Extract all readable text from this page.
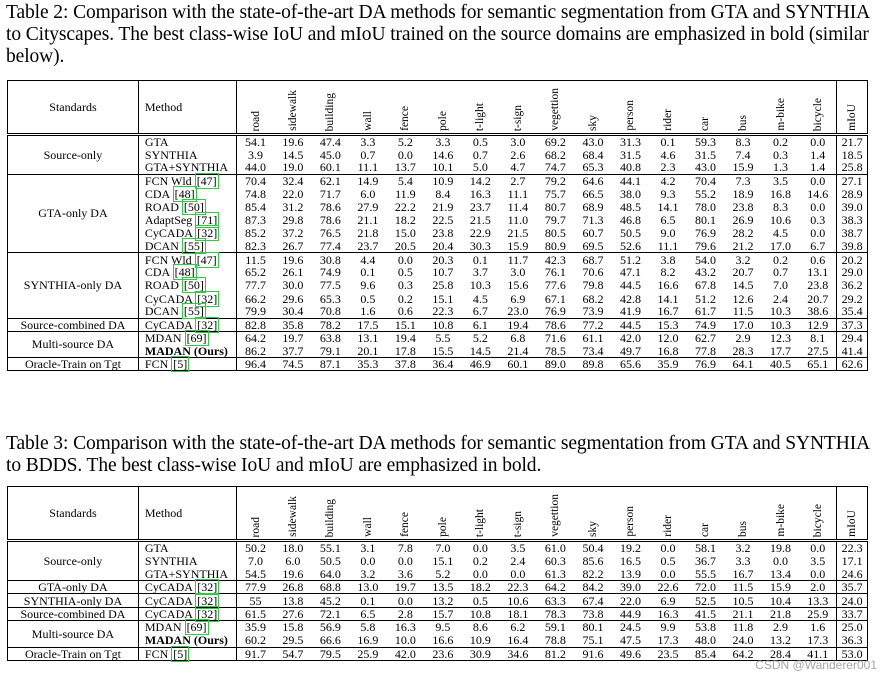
Table 2: Comparison with the state-of-the-art DA methods for semantic segmentation from GTA and SYNTHIA to Cityscapes. The best class-wise IoU and mIoU trained on the source domains are emphasized in bold (similar below).
Standards	Method	road	sidewalk	building	wall	fence	pole	t-light	t-sign	vegettion	sky	person	rider	car	bus	m-bike	bicycle	mIoU
Source-only	GTA	54.1	19.6	47.4	3.3	5.2	3.3	0.5	3.0	69.2	43.0	31.3	0.1	59.3	8.3	0.2	0.0	21.7
	SYNTHIA	3.9	14.5	45.0	0.7	0.0	14.6	0.7	2.6	68.2	68.4	31.5	4.6	31.5	7.4	0.3	1.4	18.5
	GTA+SYNTHIA	44.0	19.0	60.1	11.1	13.7	10.1	5.0	4.7	74.7	65.3	40.8	2.3	43.0	15.9	1.3	1.4	25.8
GTA-only DA	FCN Wld [47]	70.4	32.4	62.1	14.9	5.4	10.9	14.2	2.7	79.2	64.6	44.1	4.2	70.4	7.3	3.5	0.0	27.1
	CDA [48]	74.8	22.0	71.7	6.0	11.9	8.4	16.3	11.1	75.7	66.5	38.0	9.3	55.2	18.9	16.8	14.6	28.9
	ROAD [50]	85.4	31.2	78.6	27.9	22.2	21.9	23.7	11.4	80.7	68.9	48.5	14.1	78.0	23.8	8.3	0.0	39.0
	AdaptSeg [71]	87.3	29.8	78.6	21.1	18.2	22.5	21.5	11.0	79.7	71.3	46.8	6.5	80.1	26.9	10.6	0.3	38.3
	CyCADA [32]	85.2	37.2	76.5	21.8	15.0	23.8	22.9	21.5	80.5	60.7	50.5	9.0	76.9	28.2	4.5	0.0	38.7
	DCAN [55]	82.3	26.7	77.4	23.7	20.5	20.4	30.3	15.9	80.9	69.5	52.6	11.1	79.6	21.2	17.0	6.7	39.8
SYNTHIA-only DA	FCN Wld [47]	11.5	19.6	30.8	4.4	0.0	20.3	0.1	11.7	42.3	68.7	51.2	3.8	54.0	3.2	0.2	0.6	20.2
	CDA [48]	65.2	26.1	74.9	0.1	0.5	10.7	3.7	3.0	76.1	70.6	47.1	8.2	43.2	20.7	0.7	13.1	29.0
	ROAD [50]	77.7	30.0	77.5	9.6	0.3	25.8	10.3	15.6	77.6	79.8	44.5	16.6	67.8	14.5	7.0	23.8	36.2
	CyCADA [32]	66.2	29.6	65.3	0.5	0.2	15.1	4.5	6.9	67.1	68.2	42.8	14.1	51.2	12.6	2.4	20.7	29.2
	DCAN [55]	79.9	30.4	70.8	1.6	0.6	22.3	6.7	23.0	76.9	73.9	41.9	16.7	61.7	11.5	10.3	38.6	35.4
Source-combined DA	CyCADA [32]	82.8	35.8	78.2	17.5	15.1	10.8	6.1	19.4	78.6	77.2	44.5	15.3	74.9	17.0	10.3	12.9	37.3
Multi-source DA	MDAN [69]	64.2	19.7	63.8	13.1	19.4	5.5	5.2	6.8	71.6	61.1	42.0	12.0	62.7	2.9	12.3	8.1	29.4
	MADAN (Ours)	86.2	37.7	79.1	20.1	17.8	15.5	14.5	21.4	78.5	73.4	49.7	16.8	77.8	28.3	17.7	27.5	41.4
Oracle-Train on Tgt	FCN [5]	96.4	74.5	87.1	35.3	37.8	36.4	46.9	60.1	89.0	89.8	65.6	35.9	76.9	64.1	40.5	65.1	62.6
Table 3: Comparison with the state-of-the-art DA methods for semantic segmentation from GTA and SYNTHIA to BDDS. The best class-wise IoU and mIoU are emphasized in bold.
Standards	Method	road	sidewalk	building	wall	fence	pole	t-light	t-sign	vegettion	sky	person	rider	car	bus	m-bike	bicycle	mIoU
Source-only	GTA	50.2	18.0	55.1	3.1	7.8	7.0	0.0	3.5	61.0	50.4	19.2	0.0	58.1	3.2	19.8	0.0	22.3
	SYNTHIA	7.0	6.0	50.5	0.0	0.0	15.1	0.2	2.4	60.3	85.6	16.5	0.5	36.7	3.3	0.0	3.5	17.1
	GTA+SYNTHIA	54.5	19.6	64.0	3.2	3.6	5.2	0.0	0.0	61.3	82.2	13.9	0.0	55.5	16.7	13.4	0.0	24.6
GTA-only DA	CyCADA [32]	77.9	26.8	68.8	13.0	19.7	13.5	18.2	22.3	64.2	84.2	39.0	22.6	72.0	11.5	15.9	2.0	35.7
SYNTHIA-only DA	CyCADA [32]	55	13.8	45.2	0.1	0.0	13.2	0.5	10.6	63.3	67.4	22.0	6.9	52.5	10.5	10.4	13.3	24.0
Source-combined DA	CyCADA [32]	61.5	27.6	72.1	6.5	2.8	15.7	10.8	18.1	78.3	73.8	44.9	16.3	41.5	21.1	21.8	25.9	33.7
Multi-source DA	MDAN [69]	35.9	15.8	56.9	5.8	16.3	9.5	8.6	6.2	59.1	80.1	24.5	9.9	53.8	11.8	2.9	1.6	25.0
	MADAN (Ours)	60.2	29.5	66.6	16.9	10.0	16.6	10.9	16.4	78.8	75.1	47.5	17.3	48.0	24.0	13.2	17.3	36.3
Oracle-Train on Tgt	FCN [5]	91.7	54.7	79.5	25.9	42.0	23.6	30.9	34.6	81.2	91.6	49.6	23.5	85.4	64.2	28.4	41.1	53.0
CSDN @Wanderer001
